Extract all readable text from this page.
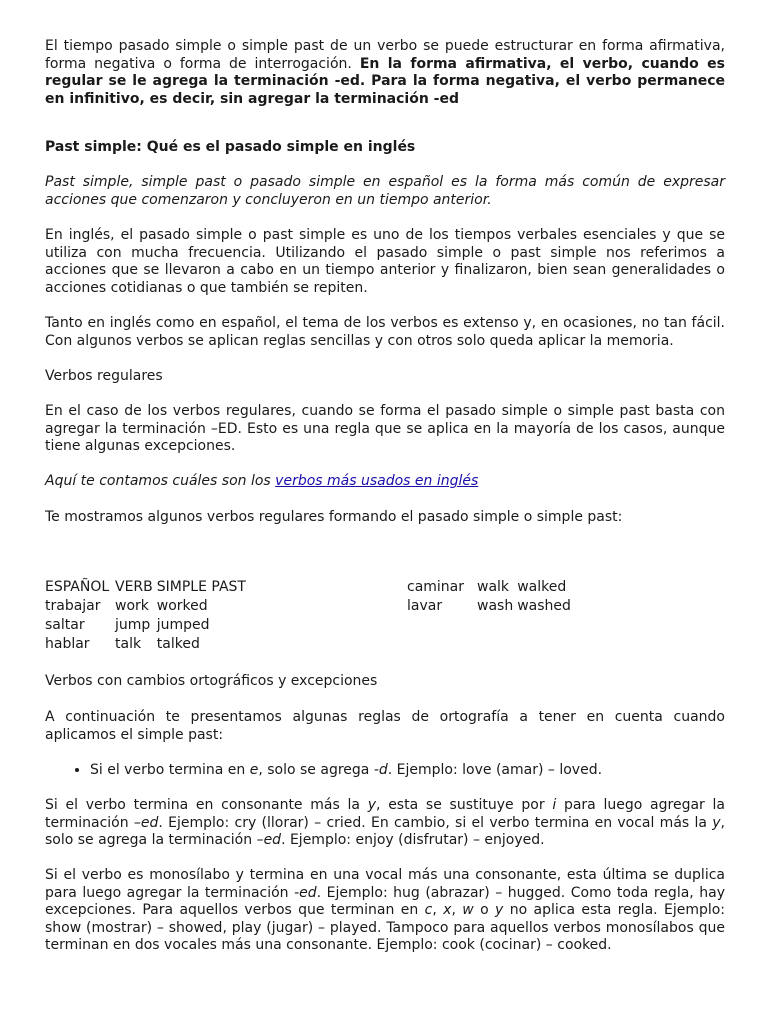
El tiempo pasado simple o simple past de un verbo se puede estructurar en forma afirmativa, forma negativa o forma de interrogación. En la forma afirmativa, el verbo, cuando es regular se le agrega la terminación -ed. Para la forma negativa, el verbo permanece en infinitivo, es decir, sin agregar la terminación -ed

Past simple: Qué es el pasado simple en inglés

Past simple, simple past o pasado simple en español es la forma más común de expresar acciones que comenzaron y concluyeron en un tiempo anterior.

En inglés, el pasado simple o past simple es uno de los tiempos verbales esenciales y que se utiliza con mucha frecuencia. Utilizando el pasado simple o past simple nos referimos a acciones que se llevaron a cabo en un tiempo anterior y finalizaron, bien sean generalidades o acciones cotidianas o que también se repiten.

Tanto en inglés como en español, el tema de los verbos es extenso y, en ocasiones, no tan fácil. Con algunos verbos se aplican reglas sencillas y con otros solo queda aplicar la memoria.

Verbos regulares

En el caso de los verbos regulares, cuando se forma el pasado simple o simple past basta con agregar la terminación –ED. Esto es una regla que se aplica en la mayoría de los casos, aunque tiene algunas excepciones.

Aquí te contamos cuáles son los verbos más usados en inglés

Te mostramos algunos verbos regulares formando el pasado simple o simple past:

ESPAÑOL	VERB	SIMPLE PAST
trabajar	work	worked
saltar	jump	jumped
hablar	talk	talked
caminar	walk	walked
lavar	wash	washed

Verbos con cambios ortográficos y excepciones

A continuación te presentamos algunas reglas de ortografía a tener en cuenta cuando aplicamos el simple past:

• Si el verbo termina en e, solo se agrega -d. Ejemplo: love (amar) – loved.

Si el verbo termina en consonante más la y, esta se sustituye por i para luego agregar la terminación –ed. Ejemplo: cry (llorar) – cried. En cambio, si el verbo termina en vocal más la y, solo se agrega la terminación –ed. Ejemplo: enjoy (disfrutar) – enjoyed.

Si el verbo es monosílabo y termina en una vocal más una consonante, esta última se duplica para luego agregar la terminación -ed. Ejemplo: hug (abrazar) – hugged. Como toda regla, hay excepciones. Para aquellos verbos que terminan en c, x, w o y no aplica esta regla. Ejemplo: show (mostrar) – showed, play (jugar) – played. Tampoco para aquellos verbos monosílabos que terminan en dos vocales más una consonante. Ejemplo: cook (cocinar) – cooked.
